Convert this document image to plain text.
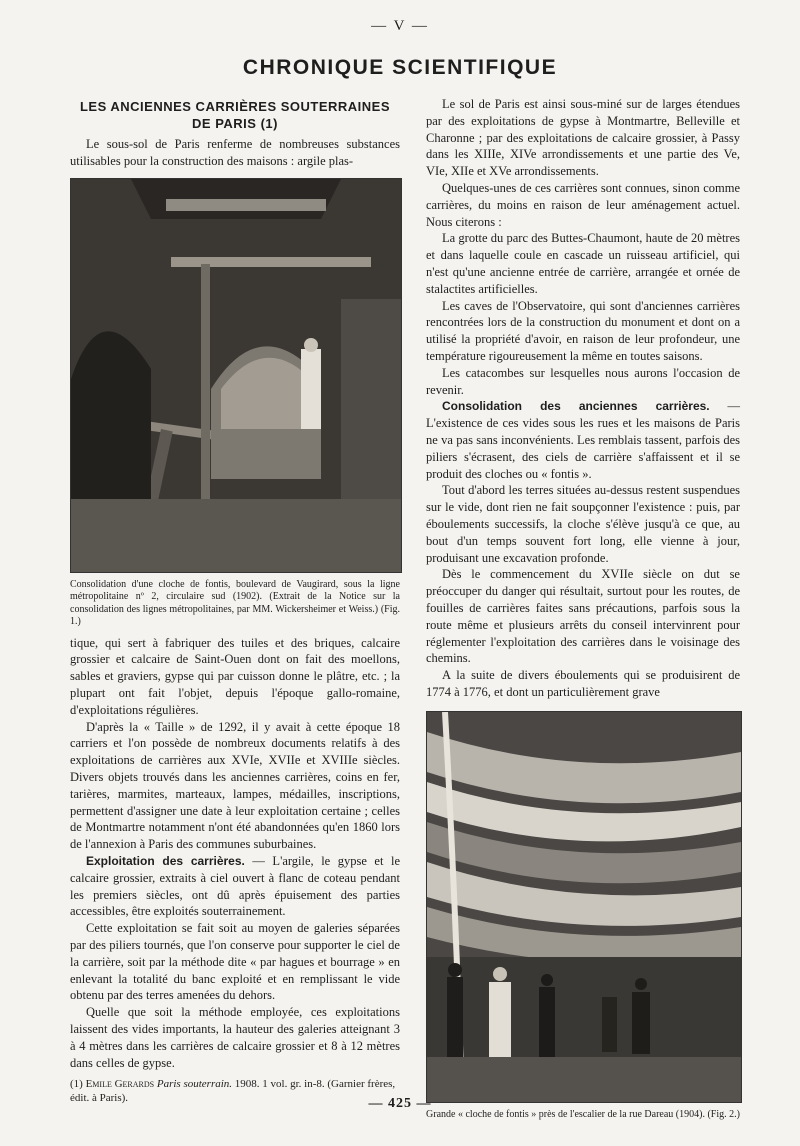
— V —
CHRONIQUE SCIENTIFIQUE
LES ANCIENNES CARRIÈRES SOUTERRAINES
DE PARIS (1)

Le sous-sol de Paris renferme de nombreuses substances utilisables pour la construction des maisons : argile plas-

Consolidation d'une cloche de fontis, boulevard de Vaugirard, sous la ligne métropolitaine nº 2, circulaire sud (1902). (Extrait de la Notice sur la consolidation des lignes métropolitaines, par MM. Wickersheimer et Weiss.) (Fig. 1.)

tique, qui sert à fabriquer des tuiles et des briques, calcaire grossier et calcaire de Saint-Ouen dont on fait des moellons, sables et graviers, gypse qui par cuisson donne le plâtre, etc. ; la plupart ont fait l'objet, depuis l'époque gallo-romaine, d'exploitations régulières.

D'après la « Taille » de 1292, il y avait à cette époque 18 carriers et l'on possède de nombreux documents relatifs à des exploitations de carrières aux XVIe, XVIIe et XVIIIe siècles. Divers objets trouvés dans les anciennes carrières, coins en fer, tarières, marmites, marteaux, lampes, médailles, inscriptions, permettent d'assigner une date à leur exploitation certaine ; celles de Montmartre notamment n'ont été abandonnées qu'en 1860 lors de l'annexion à Paris des communes suburbaines.

Exploitation des carrières. — L'argile, le gypse et le calcaire grossier, extraits à ciel ouvert à flanc de coteau pendant les premiers siècles, ont dû après épuisement des parties accessibles, être exploités souterrainement.

Cette exploitation se fait soit au moyen de galeries séparées par des piliers tournés, que l'on conserve pour supporter le ciel de la carrière, soit par la méthode dite « par hagues et bourrage » en enlevant la totalité du banc exploité et en remplissant le vide obtenu par des terres amenées du dehors.

Quelle que soit la méthode employée, ces exploitations laissent des vides importants, la hauteur des galeries atteignant 3 à 4 mètres dans les carrières de calcaire grossier et 8 à 12 mètres dans celles de gypse.

(1) Emile Gerards Paris souterrain. 1908. 1 vol. gr. in-8. (Garnier frères, édit. à Paris).

Le sol de Paris est ainsi sous-miné sur de larges étendues par des exploitations de gypse à Montmartre, Belleville et Charonne ; par des exploitations de calcaire grossier, à Passy dans les XIIIe, XIVe arrondissements et une partie des Ve, VIe, XIIe et XVe arrondissements.

Quelques-unes de ces carrières sont connues, sinon comme carrières, du moins en raison de leur aménagement actuel. Nous citerons :

La grotte du parc des Buttes-Chaumont, haute de 20 mètres et dans laquelle coule en cascade un ruisseau artificiel, qui n'est qu'une ancienne entrée de carrière, arrangée et ornée de stalactites artificielles.

Les caves de l'Observatoire, qui sont d'anciennes carrières rencontrées lors de la construction du monument et dont on a utilisé la propriété d'avoir, en raison de leur profondeur, une température rigoureusement la même en toutes saisons.

Les catacombes sur lesquelles nous aurons l'occasion de revenir.

Consolidation des anciennes carrières. — L'existence de ces vides sous les rues et les maisons de Paris ne va pas sans inconvénients. Les remblais tassent, parfois des piliers s'écrasent, des ciels de carrière s'affaissent et il se produit des cloches ou « fontis ».

Tout d'abord les terres situées au-dessus restent suspendues sur le vide, dont rien ne fait soupçonner l'existence : puis, par éboulements successifs, la cloche s'élève jusqu'à ce que, au bout d'un temps souvent fort long, elle vienne à jour, produisant une excavation profonde.

Dès le commencement du XVIIe siècle on dut se préoccuper du danger qui résultait, surtout pour les routes, de fouilles de carrières faites sans précautions, parfois sous la route même et plusieurs arrêts du conseil intervinrent pour réglementer l'exploitation des carrières dans le voisinage des chemins.

A la suite de divers éboulements qui se produisirent de 1774 à 1776, et dont un particulièrement grave

Grande « cloche de fontis » près de l'escalier de la rue Dareau (1904). (Fig. 2.)
— 425 —
